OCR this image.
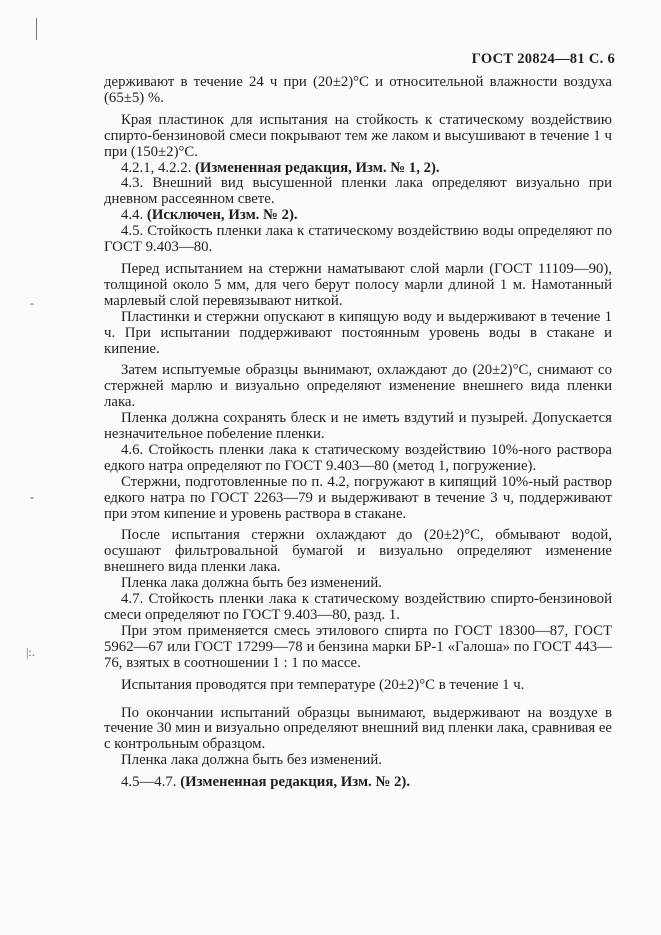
-
-
|:.
ГОСТ 20824—81 С. 6

держивают в течение 24 ч при (20±2)°С и относительной влажности воздуха (65±5) %.

Края пластинок для испытания на стойкость к статическому воздействию спирто-бензиновой смеси покрывают тем же лаком и высушивают в течение 1 ч при (150±2)°С.

4.2.1, 4.2.2. (Измененная редакция, Изм. № 1, 2).

4.3. Внешний вид высушенной пленки лака определяют визуально при дневном рассеянном свете.

4.4. (Исключен, Изм. № 2).

4.5. Стойкость пленки лака к статическому воздействию воды определяют по ГОСТ 9.403—80.

Перед испытанием на стержни наматывают слой марли (ГОСТ 11109—90), толщиной около 5 мм, для чего берут полосу марли длиной 1 м. Намотанный марлевый слой перевязывают ниткой.

Пластинки и стержни опускают в кипящую воду и выдерживают в течение 1 ч. При испытании поддерживают постоянным уровень воды в стакане и кипение.

Затем испытуемые образцы вынимают, охлаждают до (20±2)°С, снимают со стержней марлю и визуально определяют изменение внешнего вида пленки лака.

Пленка должна сохранять блеск и не иметь вздутий и пузырей. Допускается незначительное побеление пленки.

4.6. Стойкость пленки лака к статическому воздействию 10%-ного раствора едкого натра определяют по ГОСТ 9.403—80 (метод 1, погружение).

Стержни, подготовленные по п. 4.2, погружают в кипящий 10%-ный раствор едкого натра по ГОСТ 2263—79 и выдерживают в течение 3 ч, поддерживают при этом кипение и уровень раствора в стакане.

После испытания стержни охлаждают до (20±2)°С, обмывают водой, осушают фильтровальной бумагой и визуально определяют изменение внешнего вида пленки лака.

Пленка лака должна быть без изменений.

4.7. Стойкость пленки лака к статическому воздействию спирто-бензиновой смеси определяют по ГОСТ 9.403—80, разд. 1.

При этом применяется смесь этилового спирта по ГОСТ 18300—87, ГОСТ 5962—67 или ГОСТ 17299—78 и бензина марки БР-1 «Галоша» по ГОСТ 443—76, взятых в соотношении 1 : 1 по массе.

Испытания проводятся при температуре (20±2)°С в течение 1 ч.

По окончании испытаний образцы вынимают, выдерживают на воздухе в течение 30 мин и визуально определяют внешний вид пленки лака, сравнивая ее с контрольным образцом.

Пленка лака должна быть без изменений.

4.5—4.7. (Измененная редакция, Изм. № 2).
